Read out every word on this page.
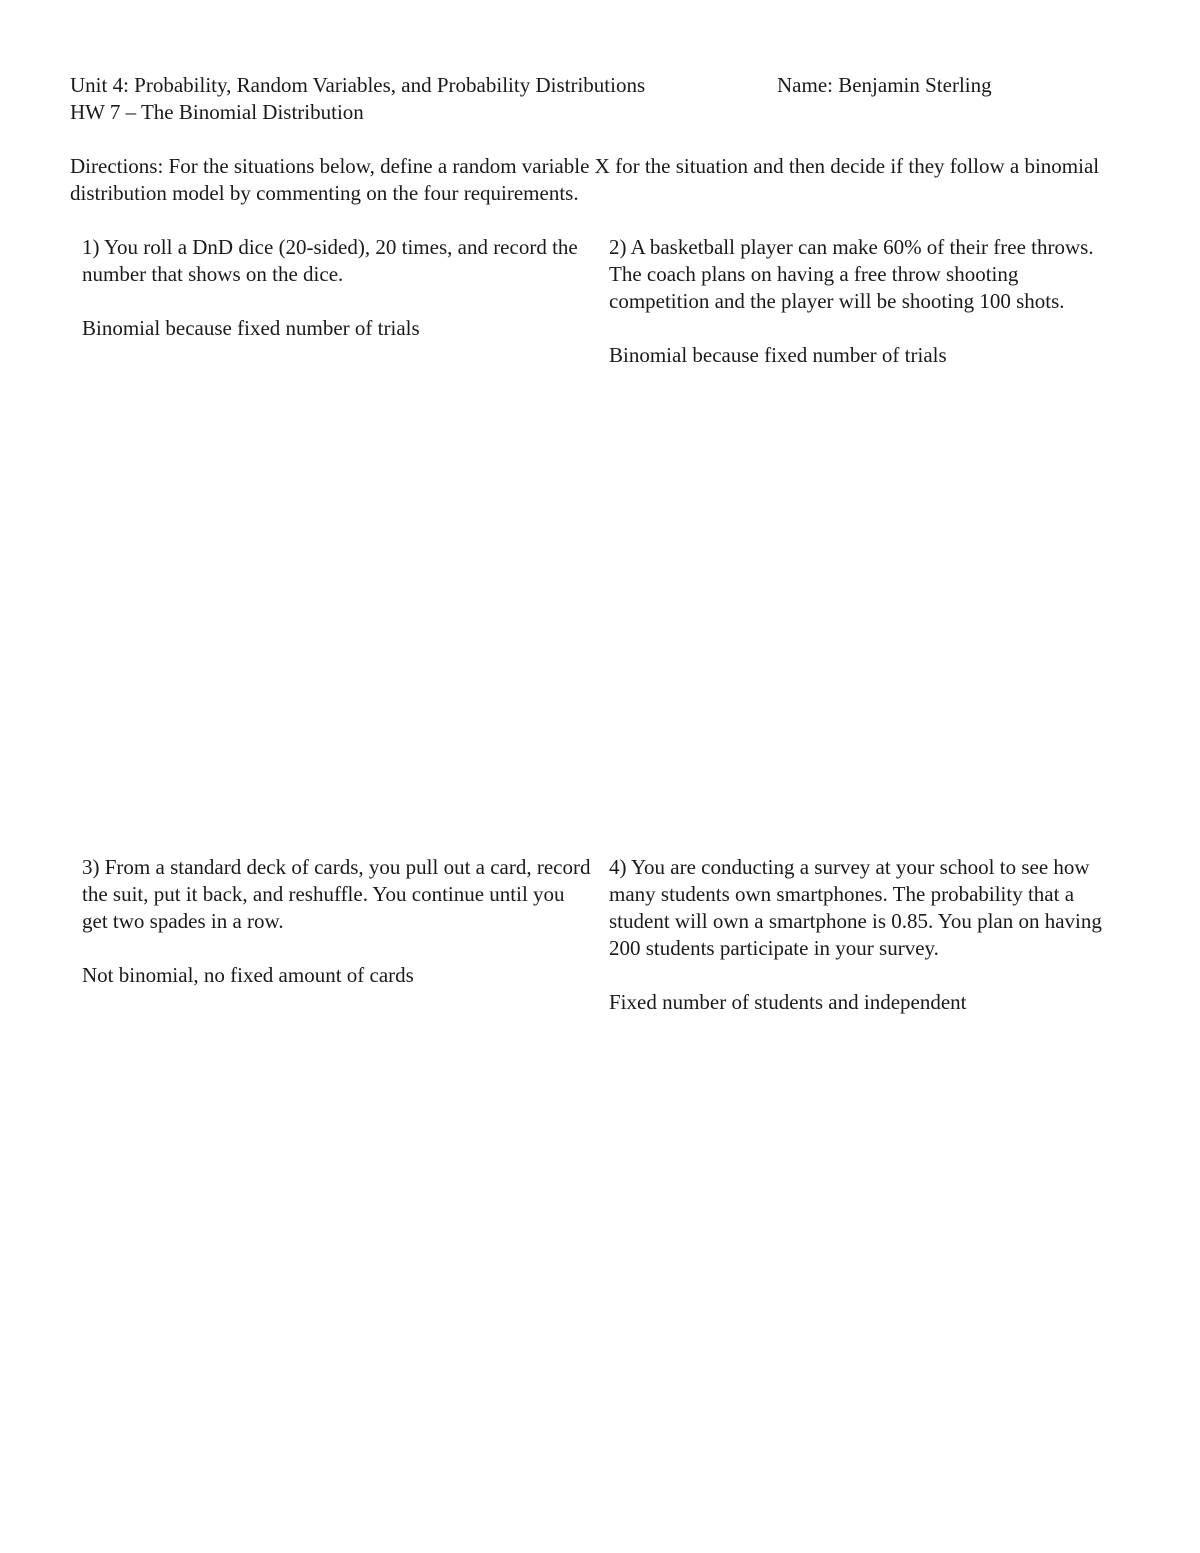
Unit 4: Probability, Random Variables, and Probability Distributions	Name: Benjamin Sterling
HW 7 – The Binomial Distribution
Directions: For the situations below, define a random variable X for the situation and then decide if they follow a binomial distribution model by commenting on the four requirements.

1) You roll a DnD dice (20-sided), 20 times, and record the number that shows on the dice.

Binomial because fixed number of trials

2) A basketball player can make 60% of their free throws. The coach plans on having a free throw shooting competition and the player will be shooting 100 shots.

Binomial because fixed number of trials

3) From a standard deck of cards, you pull out a card, record the suit, put it back, and reshuffle. You continue until you get two spades in a row.

Not binomial, no fixed amount of cards

4) You are conducting a survey at your school to see how many students own smartphones. The probability that a student will own a smartphone is 0.85. You plan on having 200 students participate in your survey.

Fixed number of students and independent
